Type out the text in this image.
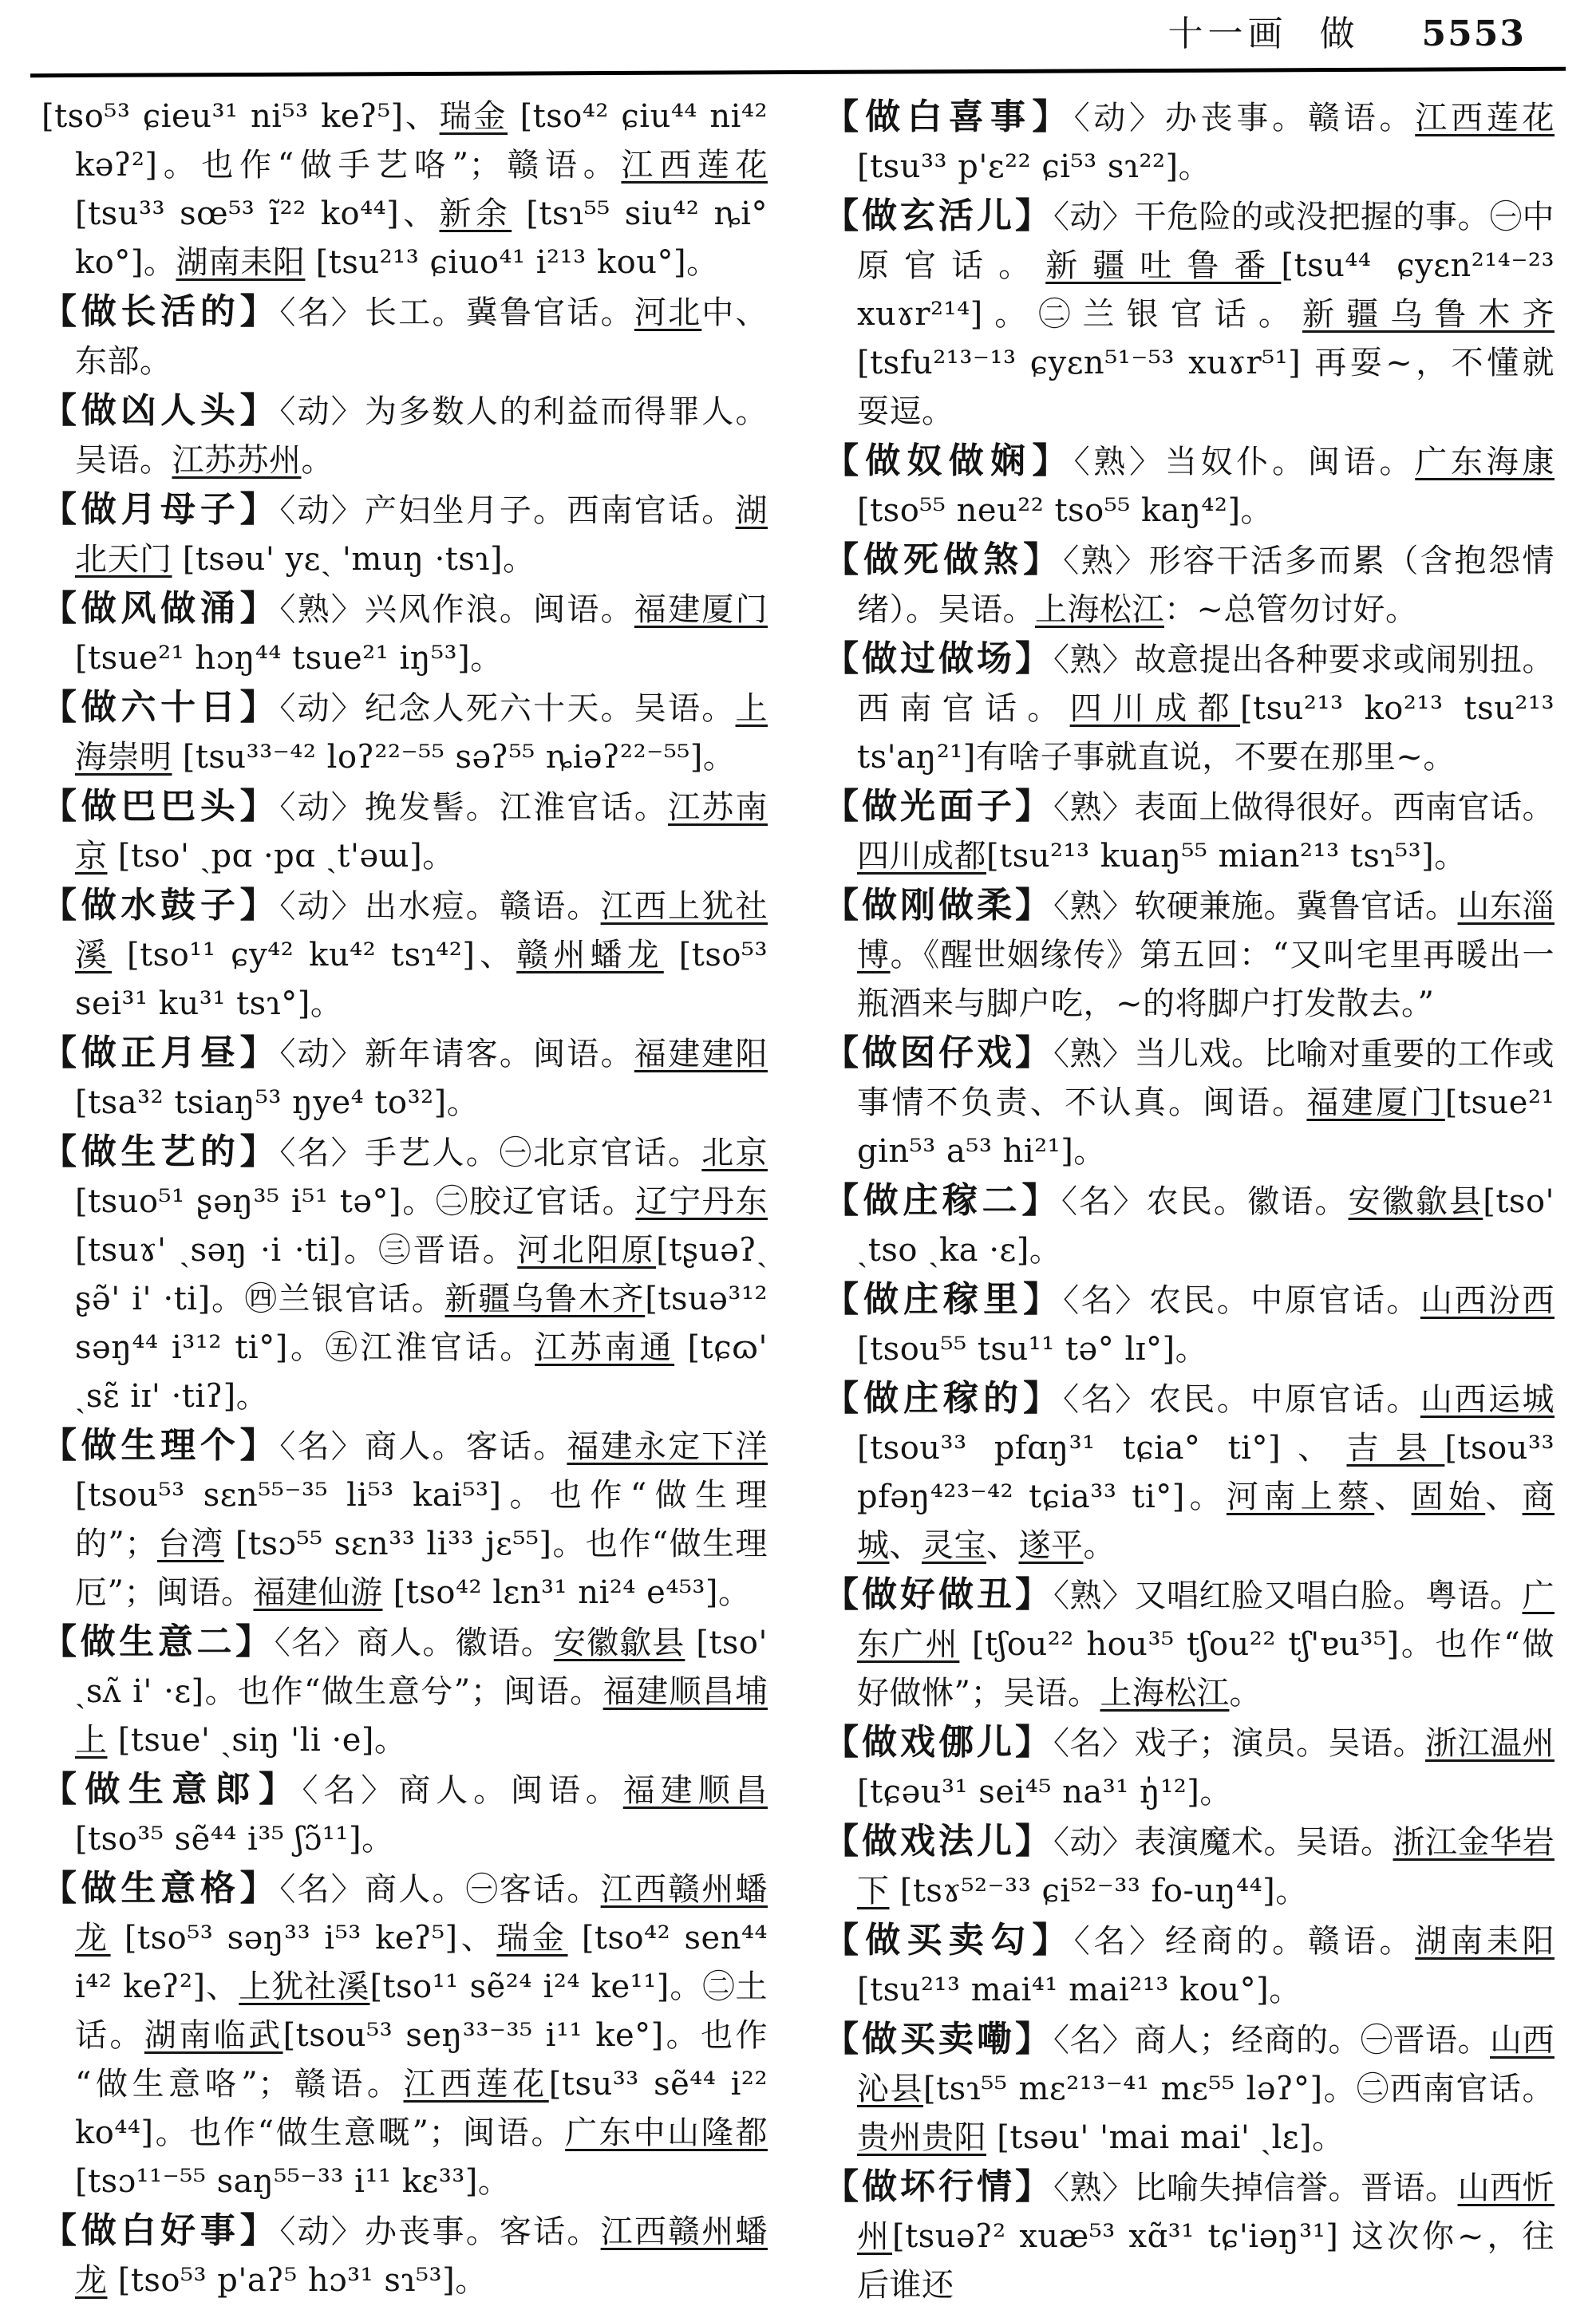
十一画 做 5553
[tso⁵³ ɕieu³¹ ni⁵³ keʔ⁵]、瑞金 [tso⁴² ɕiu⁴⁴ ni⁴² kəʔ²]。也作“做手艺咯”；赣语。江西莲花 [tsu³³ sœ⁵³ ĩ²² ko⁴⁴]、新余 [tsɿ⁵⁵ siu⁴² ȵi° ko°]。湖南耒阳 [tsu²¹³ ɕiuo⁴¹ i²¹³ kou°]。
【做长活的】〈名〉长工。冀鲁官话。河北中、东部。
【做凶人头】〈动〉为多数人的利益而得罪人。吴语。江苏苏州。
【做月母子】〈动〉产妇坐月子。西南官话。湖北天门 [tsəu' yεˎ 'muŋ ·tsɿ]。
【做风做涌】〈熟〉兴风作浪。闽语。福建厦门 [tsue²¹ hɔŋ⁴⁴ tsue²¹ iŋ⁵³]。
【做六十日】〈动〉纪念人死六十天。吴语。上海崇明 [tsu³³⁻⁴² loʔ²²⁻⁵⁵ səʔ⁵⁵ ȵiəʔ²²⁻⁵⁵]。
【做巴巴头】〈动〉挽发髻。江淮官话。江苏南京 [tso' ˎpɑ ·pɑ ˎt'əɯ]。
【做水鼓子】〈动〉出水痘。赣语。江西上犹社溪 [tso¹¹ ɕy⁴² ku⁴² tsɿ⁴²]、赣州蟠龙 [tso⁵³ sei³¹ ku³¹ tsɿ°]。
【做正月昼】〈动〉新年请客。闽语。福建建阳 [tsa³² tsiaŋ⁵³ ŋye⁴ to³²]。
【做生艺的】〈名〉手艺人。㊀北京官话。北京[tsuo⁵¹ ʂəŋ³⁵ i⁵¹ tə°]。㊁胶辽官话。辽宁丹东 [tsuɤ' ˎsəŋ ·i ·ti]。㊂晋语。河北阳原[tʂuəʔˎ ʂə̃' i' ·ti]。㊃兰银官话。新疆乌鲁木齐[tsuə³¹² səŋ⁴⁴ i³¹² ti°]。㊄江淮官话。江苏南通 [tɕɷ' ˎsɛ̃ iɪ' ·tiʔ]。
【做生理个】〈名〉商人。客话。福建永定下洋[tsou⁵³ sεn⁵⁵⁻³⁵ li⁵³ kai⁵³]。也作“做生理的”；台湾 [tsɔ⁵⁵ sεn³³ li³³ jε⁵⁵]。也作“做生理厄”；闽语。福建仙游 [tso⁴² lεn³¹ ni²⁴ e⁴⁵³]。
【做生意二】〈名〉商人。徽语。安徽歙县 [tso' ˎsʌ̃ i' ·ε]。也作“做生意兮”；闽语。福建顺昌埔上 [tsue' ˎsiŋ 'li ·e]。
【做生意郎】〈名〉商人。闽语。福建顺昌 [tso³⁵ sẽ⁴⁴ i³⁵ ʃɔ̃¹¹]。
【做生意格】〈名〉商人。㊀客话。江西赣州蟠龙 [tso⁵³ səŋ³³ i⁵³ keʔ⁵]、瑞金 [tso⁴² sen⁴⁴ i⁴² keʔ²]、上犹社溪[tso¹¹ sẽ²⁴ i²⁴ ke¹¹]。㊁土话。湖南临武[tsou⁵³ seŋ³³⁻³⁵ i¹¹ ke°]。也作“做生意咯”；赣语。江西莲花[tsu³³ sẽ⁴⁴ i²² ko⁴⁴]。也作“做生意嘅”；闽语。广东中山隆都[tsɔ¹¹⁻⁵⁵ saŋ⁵⁵⁻³³ i¹¹ kε³³]。
【做白好事】〈动〉办丧事。客话。江西赣州蟠龙 [tso⁵³ p'aʔ⁵ hɔ³¹ sɿ⁵³]。
【做白喜事】〈动〉办丧事。赣语。江西莲花 [tsu³³ p'ε²² ɕi⁵³ sɿ²²]。
【做玄活儿】〈动〉干危险的或没把握的事。㊀中原官话。新疆吐鲁番[tsu⁴⁴ ɕyεn²¹⁴⁻²³ xuɤr²¹⁴]。㊁兰银官话。新疆乌鲁木齐[tsfu²¹³⁻¹³ ɕyεn⁵¹⁻⁵³ xuɤr⁵¹] 再耍~，不懂就耍逗。
【做奴做娴】〈熟〉当奴仆。闽语。广东海康[tso⁵⁵ neu²² tso⁵⁵ kaŋ⁴²]。
【做死做煞】〈熟〉形容干活多而累（含抱怨情绪）。吴语。上海松江：~总管勿讨好。
【做过做场】〈熟〉故意提出各种要求或闹别扭。西南官话。四川成都[tsu²¹³ ko²¹³ tsu²¹³ ts'aŋ²¹]有啥子事就直说，不要在那里~。
【做光面子】〈熟〉表面上做得很好。西南官话。四川成都[tsu²¹³ kuaŋ⁵⁵ mian²¹³ tsɿ⁵³]。
【做刚做柔】〈熟〉软硬兼施。冀鲁官话。山东淄博。《醒世姻缘传》第五回：“又叫宅里再暖出一瓶酒来与脚户吃，~的将脚户打发散去。”
【做囡仔戏】〈熟〉当儿戏。比喻对重要的工作或事情不负责、不认真。闽语。福建厦门[tsue²¹ gin⁵³ a⁵³ hi²¹]。
【做庄稼二】〈名〉农民。徽语。安徽歙县[tso' ˎtso ˎka ·ε]。
【做庄稼里】〈名〉农民。中原官话。山西汾西[tsou⁵⁵ tsu¹¹ tə° lɪ°]。
【做庄稼的】〈名〉农民。中原官话。山西运城 [tsou³³ pfɑŋ³¹ tɕia° ti°]、吉县[tsou³³ pfəŋ⁴²³⁻⁴² tɕia³³ ti°]。河南上蔡、固始、商城、灵宝、遂平。
【做好做丑】〈熟〉又唱红脸又唱白脸。粤语。广东广州 [tʃou²² hou³⁵ tʃou²² tʃ'ɐu³⁵]。也作“做好做恘”；吴语。上海松江。
【做戏㑚儿】〈名〉戏子；演员。吴语。浙江温州 [tɕəu³¹ sei⁴⁵ na³¹ ŋ̍¹²]。
【做戏法儿】〈动〉表演魔术。吴语。浙江金华岩下 [tsɤ⁵²⁻³³ ɕi⁵²⁻³³ fo-uŋ⁴⁴]。
【做买卖勾】〈名〉经商的。赣语。湖南耒阳 [tsu²¹³ mai⁴¹ mai²¹³ kou°]。
【做买卖嘞】〈名〉商人；经商的。㊀晋语。山西沁县[tsɿ⁵⁵ mε²¹³⁻⁴¹ mε⁵⁵ ləʔ°]。㊁西南官话。贵州贵阳 [tsəu' 'mai mai' ˎlε]。
【做坏行情】〈熟〉比喻失掉信誉。晋语。山西忻州[tsuəʔ² xuæ⁵³ xɑ̃³¹ tɕ'iəŋ³¹] 这次你~，往后谁还
